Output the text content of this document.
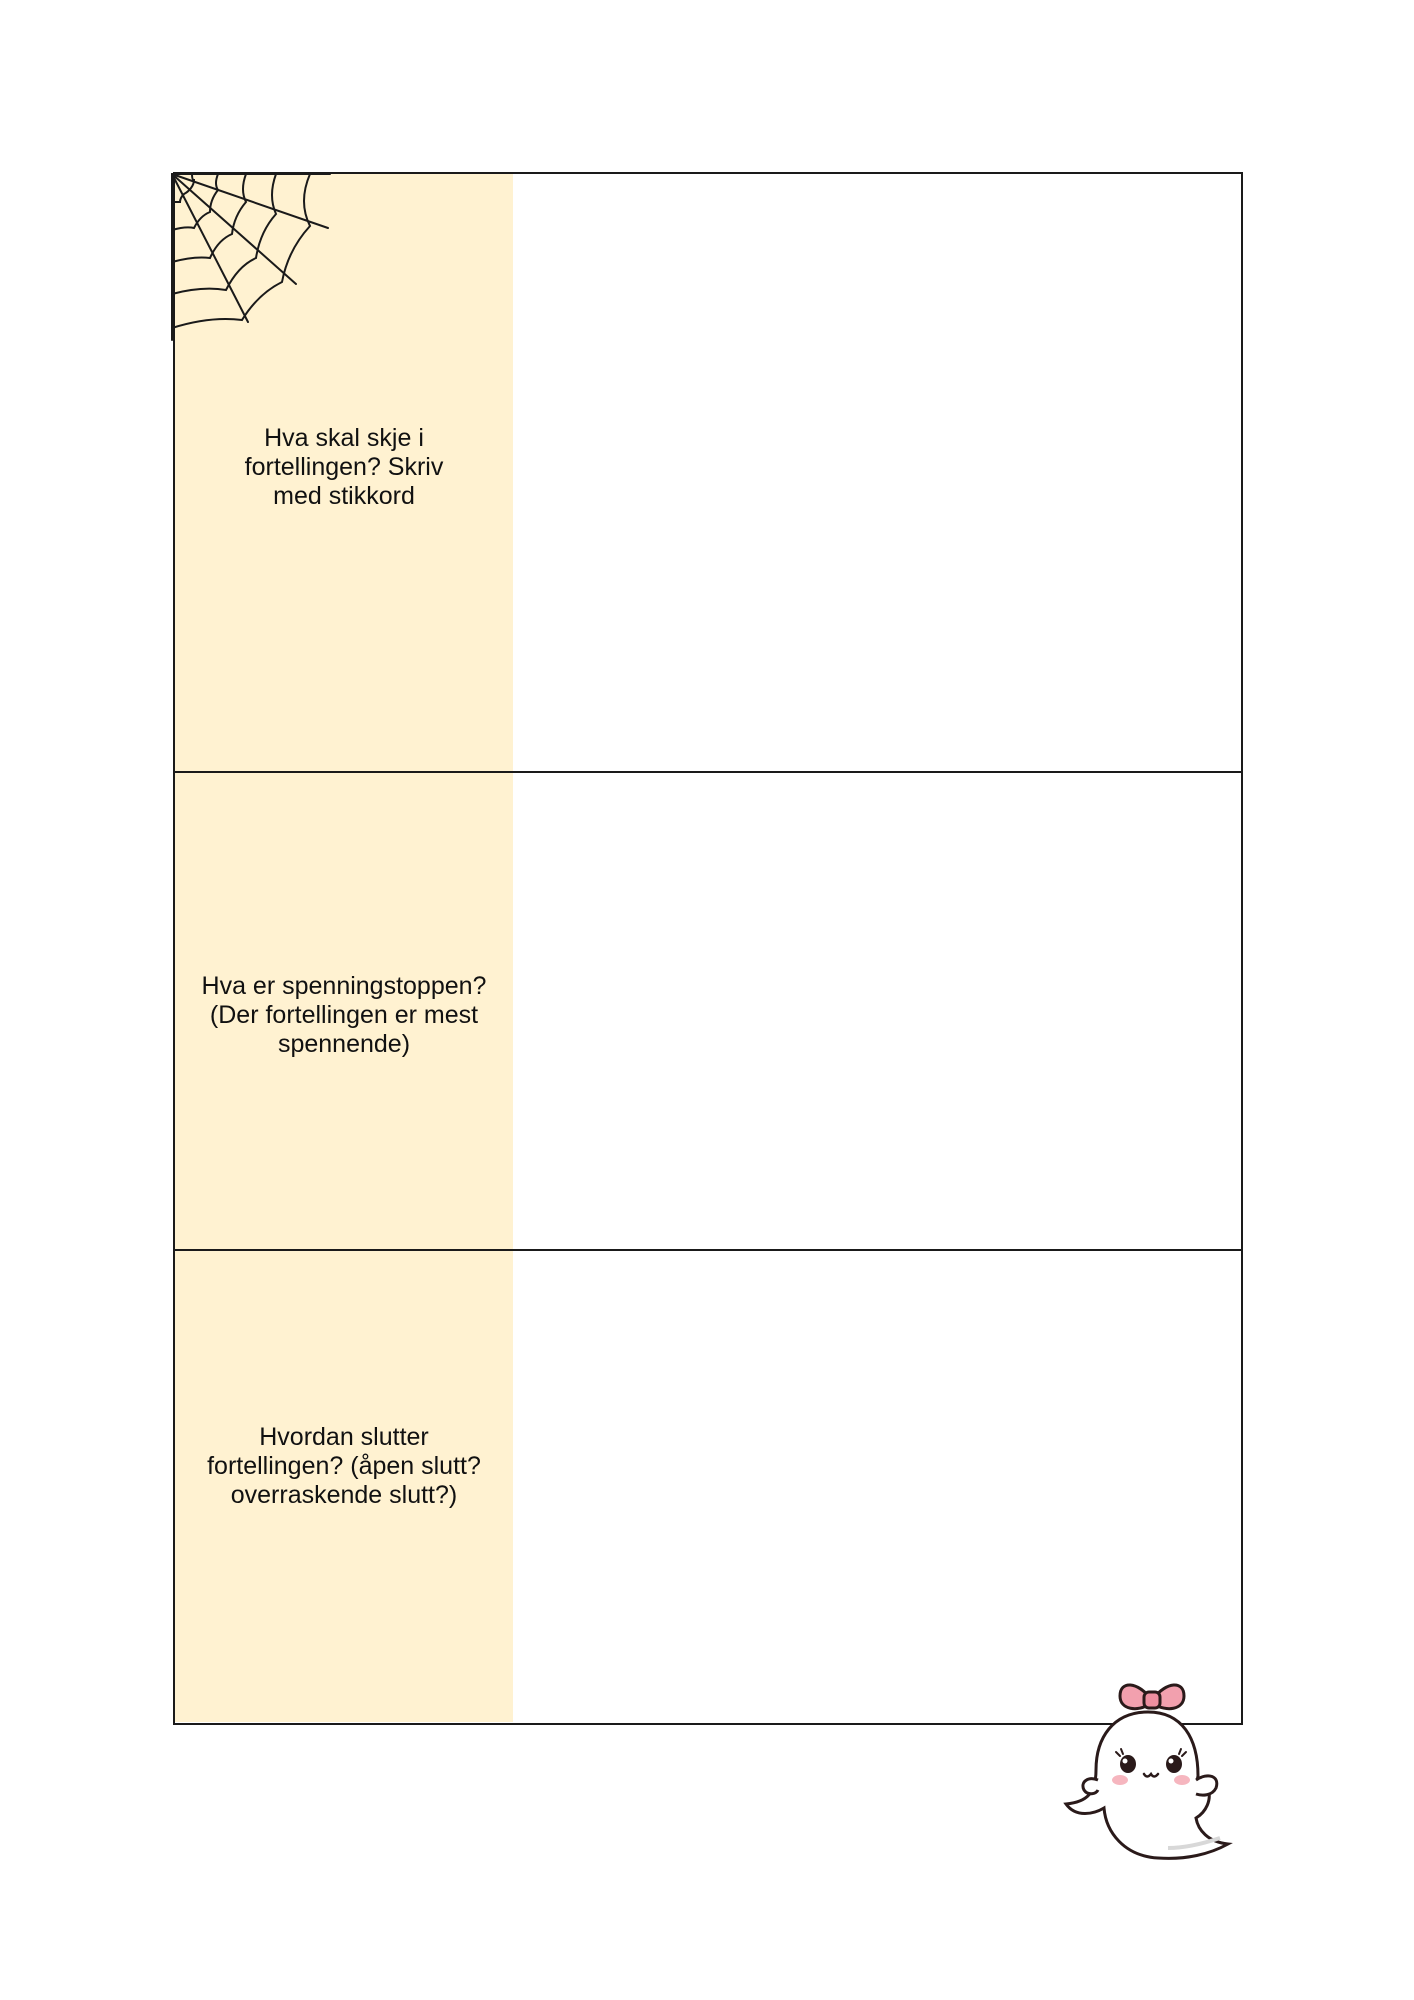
Hva skal skje i
fortellingen? Skriv
med stikkord
Hva er spenningstoppen?
(Der fortellingen er mest
spennende)
Hvordan slutter
fortellingen? (åpen slutt?
overraskende slutt?)
